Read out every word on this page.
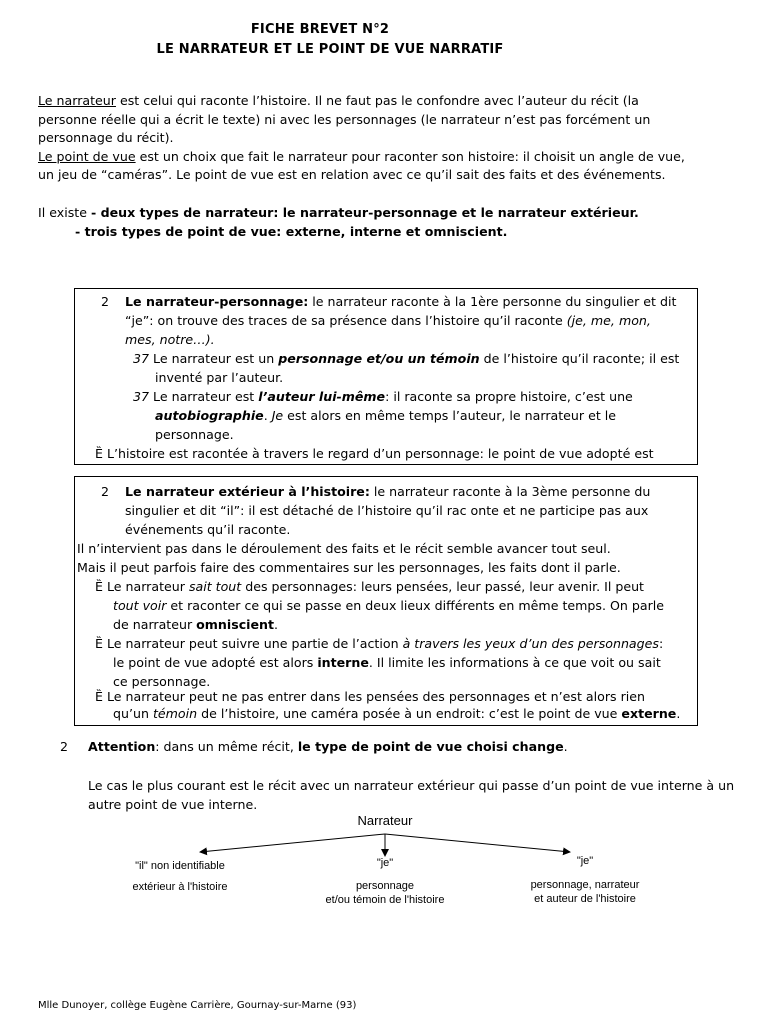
FICHE BREVET N°2
LE NARRATEUR ET LE POINT DE VUE NARRATIF
Le narrateur est celui qui raconte l’histoire. Il ne faut pas le confondre avec l’auteur du récit (la
personne réelle qui a écrit le texte) ni avec les personnages (le narrateur n’est pas forcément un
personnage du récit).
Le point de vue est un choix que fait le narrateur pour raconter son histoire: il choisit un angle de vue,
un jeu de “caméras”. Le point de vue est en relation avec ce qu’il sait des faits et des événements.
Il existe - deux types de narrateur: le narrateur-personnage et le narrateur extérieur.
- trois types de point de vue: externe, interne et omniscient.
2 Le narrateur-personnage: le narrateur raconte à la 1ère personne du singulier et dit
“je”: on trouve des traces de sa présence dans l’histoire qu’il raconte (je, me, mon,
mes, notre…).
37 Le narrateur est un personnage et/ou un témoin de l’histoire qu’il raconte; il est
inventé par l’auteur.
37 Le narrateur est l’auteur lui-même: il raconte sa propre histoire, c’est une
autobiographie. Je est alors en même temps l’auteur, le narrateur et le
personnage.
Ȅ L’histoire est racontée à travers le regard d’un personnage: le point de vue adopté est
2 Le narrateur extérieur à l’histoire: le narrateur raconte à la 3ème personne du
singulier et dit “il”: il est détaché de l’histoire qu’il rac onte et ne participe pas aux
événements qu’il raconte.
Il n’intervient pas dans le déroulement des faits et le récit semble avancer tout seul.
Mais il peut parfois faire des commentaires sur les personnages, les faits dont il parle.
Ȅ Le narrateur sait tout des personnages: leurs pensées, leur passé, leur avenir. Il peut
tout voir et raconter ce qui se passe en deux lieux différents en même temps. On parle
de narrateur omniscient.
Ȅ Le narrateur peut suivre une partie de l’action à travers les yeux d’un des personnages:
le point de vue adopté est alors interne. Il limite les informations à ce que voit ou sait
ce personnage.
Ȅ Le narrateur peut ne pas entrer dans les pensées des personnages et n’est alors rien
qu’un témoin de l’histoire, une caméra posée à un endroit: c’est le point de vue externe.
2 Attention: dans un même récit, le type de point de vue choisi change.
Le cas le plus courant est le récit avec un narrateur extérieur qui passe d’un point de vue interne à un
autre point de vue interne.
Narrateur
"il" non identifiable
extérieur à l'histoire
"je"
personnage
et/ou témoin de l'histoire
"je"
personnage, narrateur
et auteur de l'histoire
Mlle Dunoyer, collège Eugène Carrière, Gournay-sur-Marne (93)
